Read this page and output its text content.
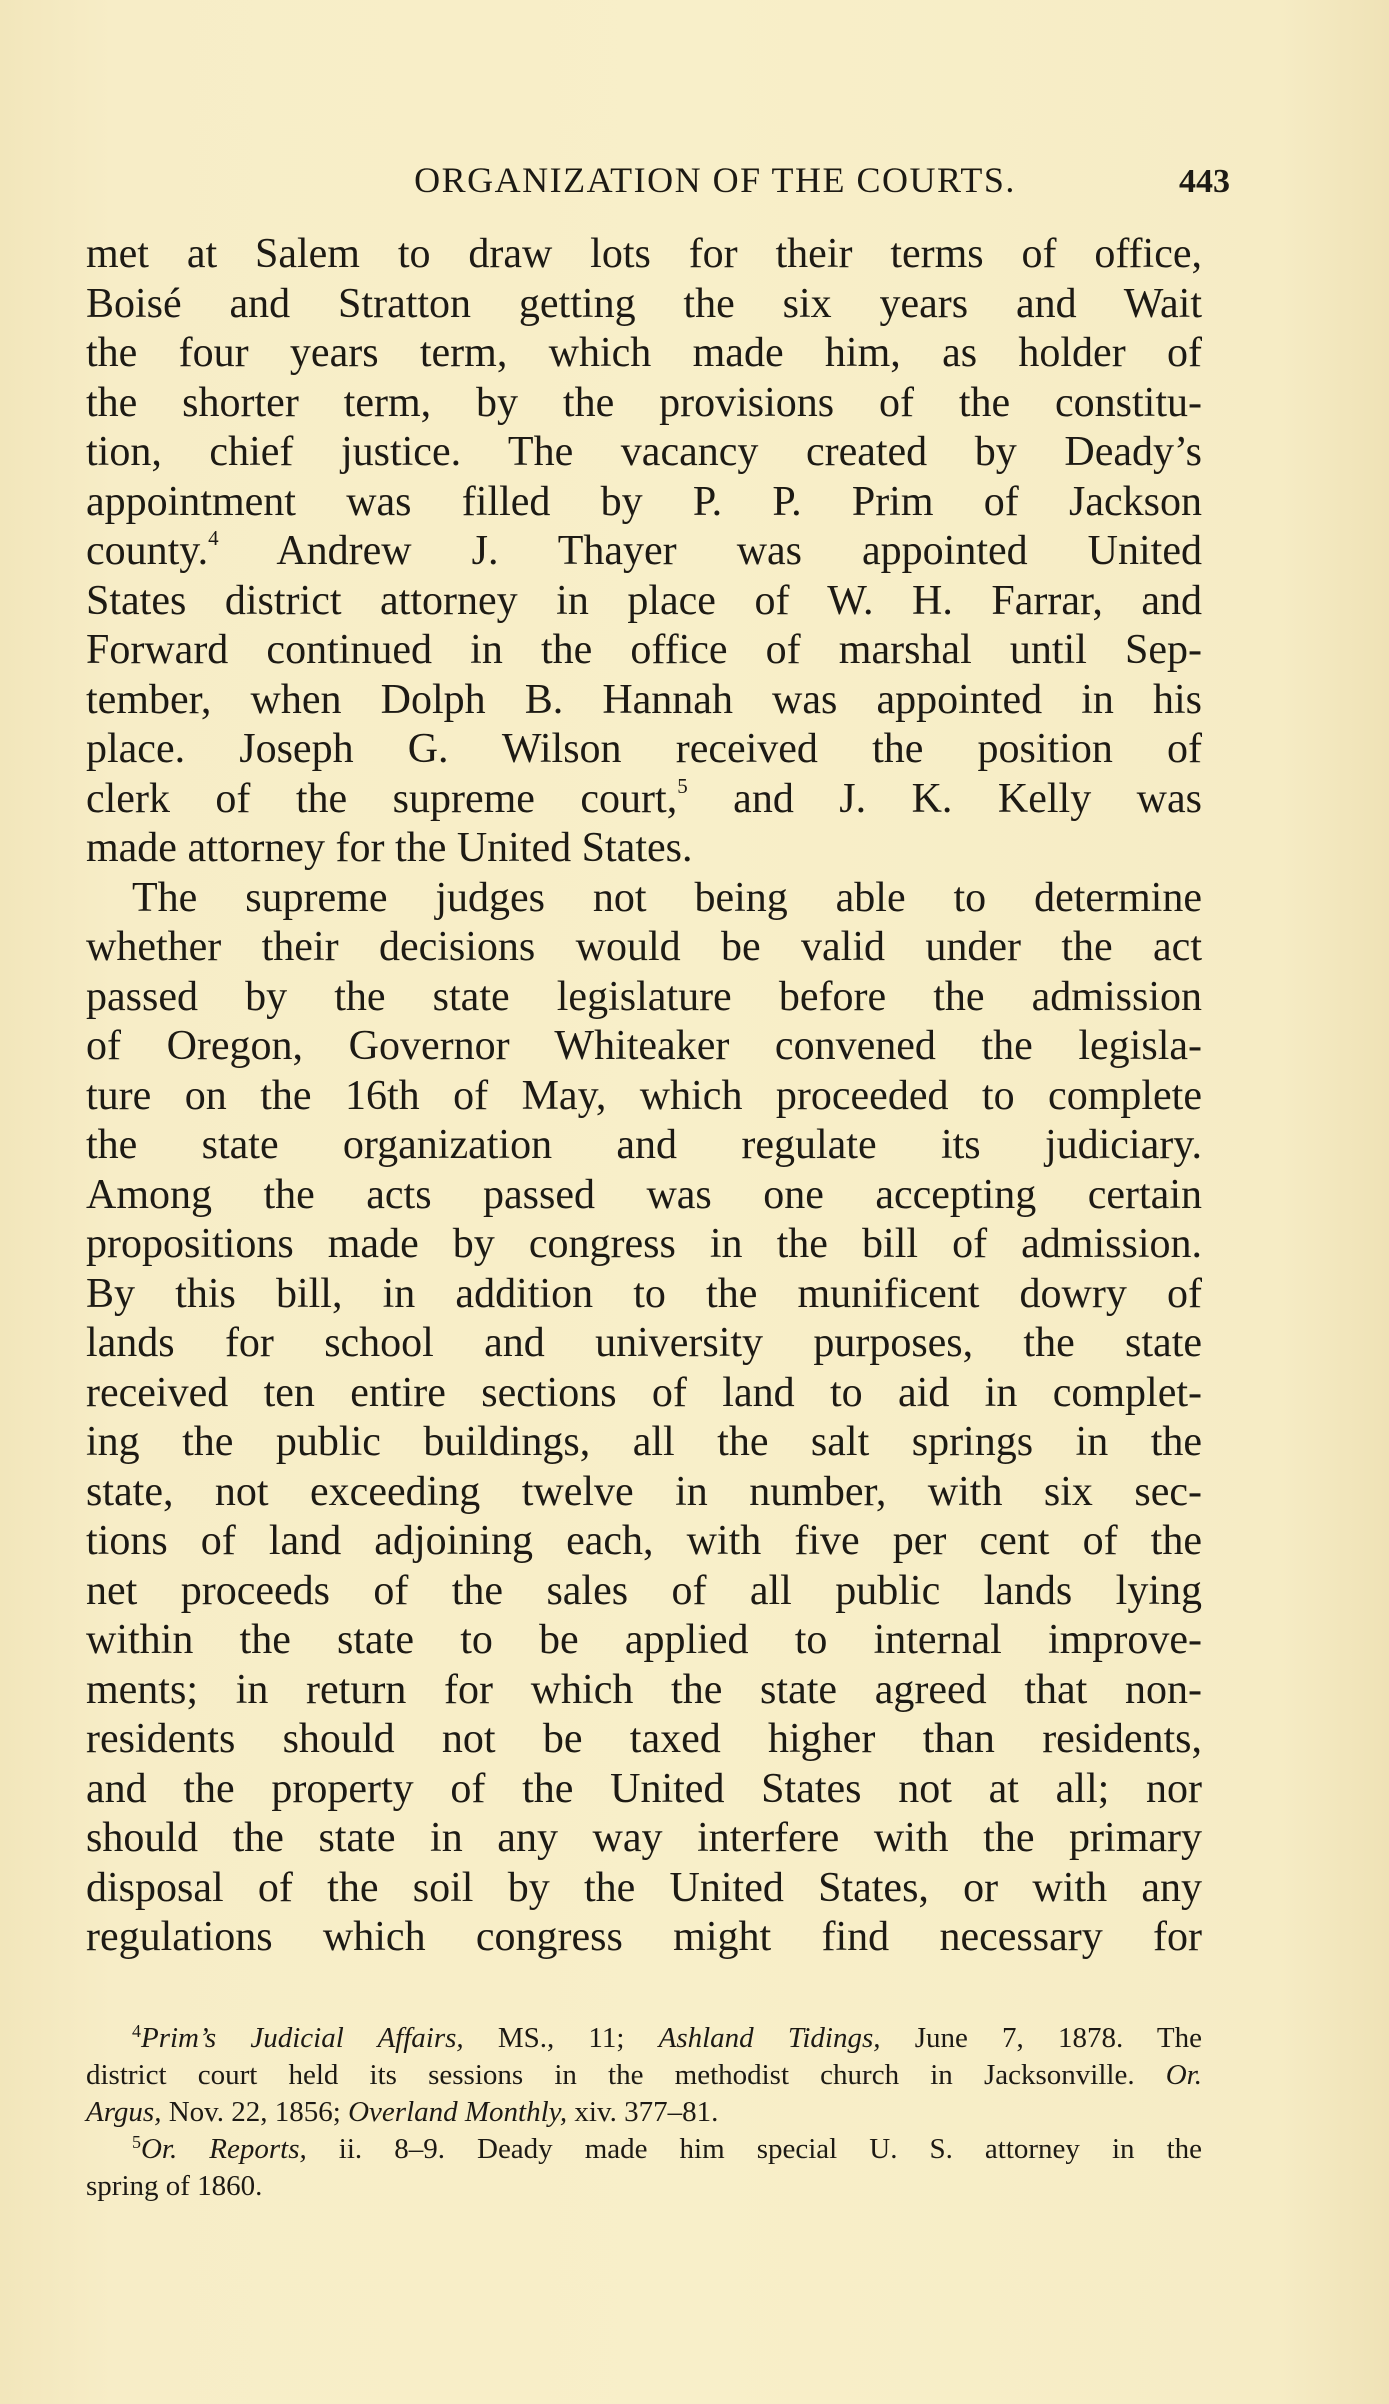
ORGANIZATION OF THE COURTS.	443
met at Salem to draw lots for their terms of office,
Boisé and Stratton getting the six years and Wait
the four years term, which made him, as holder of
the shorter term, by the provisions of the constitu-
tion, chief justice. The vacancy created by Deady’s
appointment was filled by P. P. Prim of Jackson
county.$^4$ Andrew J. Thayer was appointed United
States district attorney in place of W. H. Farrar, and
Forward continued in the office of marshal until Sep-
tember, when Dolph B. Hannah was appointed in his
place. Joseph G. Wilson received the position of
clerk of the supreme court,$^5$ and J. K. Kelly was
made attorney for the United States.
The supreme judges not being able to determine
whether their decisions would be valid under the act
passed by the state legislature before the admission
of Oregon, Governor Whiteaker convened the legisla-
ture on the 16th of May, which proceeded to complete
the state organization and regulate its judiciary.
Among the acts passed was one accepting certain
propositions made by congress in the bill of admission.
By this bill, in addition to the munificent dowry of
lands for school and university purposes, the state
received ten entire sections of land to aid in complet-
ing the public buildings, all the salt springs in the
state, not exceeding twelve in number, with six sec-
tions of land adjoining each, with five per cent of the
net proceeds of the sales of all public lands lying
within the state to be applied to internal improve-
ments; in return for which the state agreed that non-
residents should not be taxed higher than residents,
and the property of the United States not at all; nor
should the state in any way interfere with the primary
disposal of the soil by the United States, or with any
regulations which congress might find necessary for
$^4$Prim’s Judicial Affairs, MS., 11; Ashland Tidings, June 7, 1878. The
district court held its sessions in the methodist church in Jacksonville. Or.
Argus, Nov. 22, 1856; Overland Monthly, xiv. 377–81.
$^5$Or. Reports, ii. 8–9. Deady made him special U. S. attorney in the
spring of 1860.
